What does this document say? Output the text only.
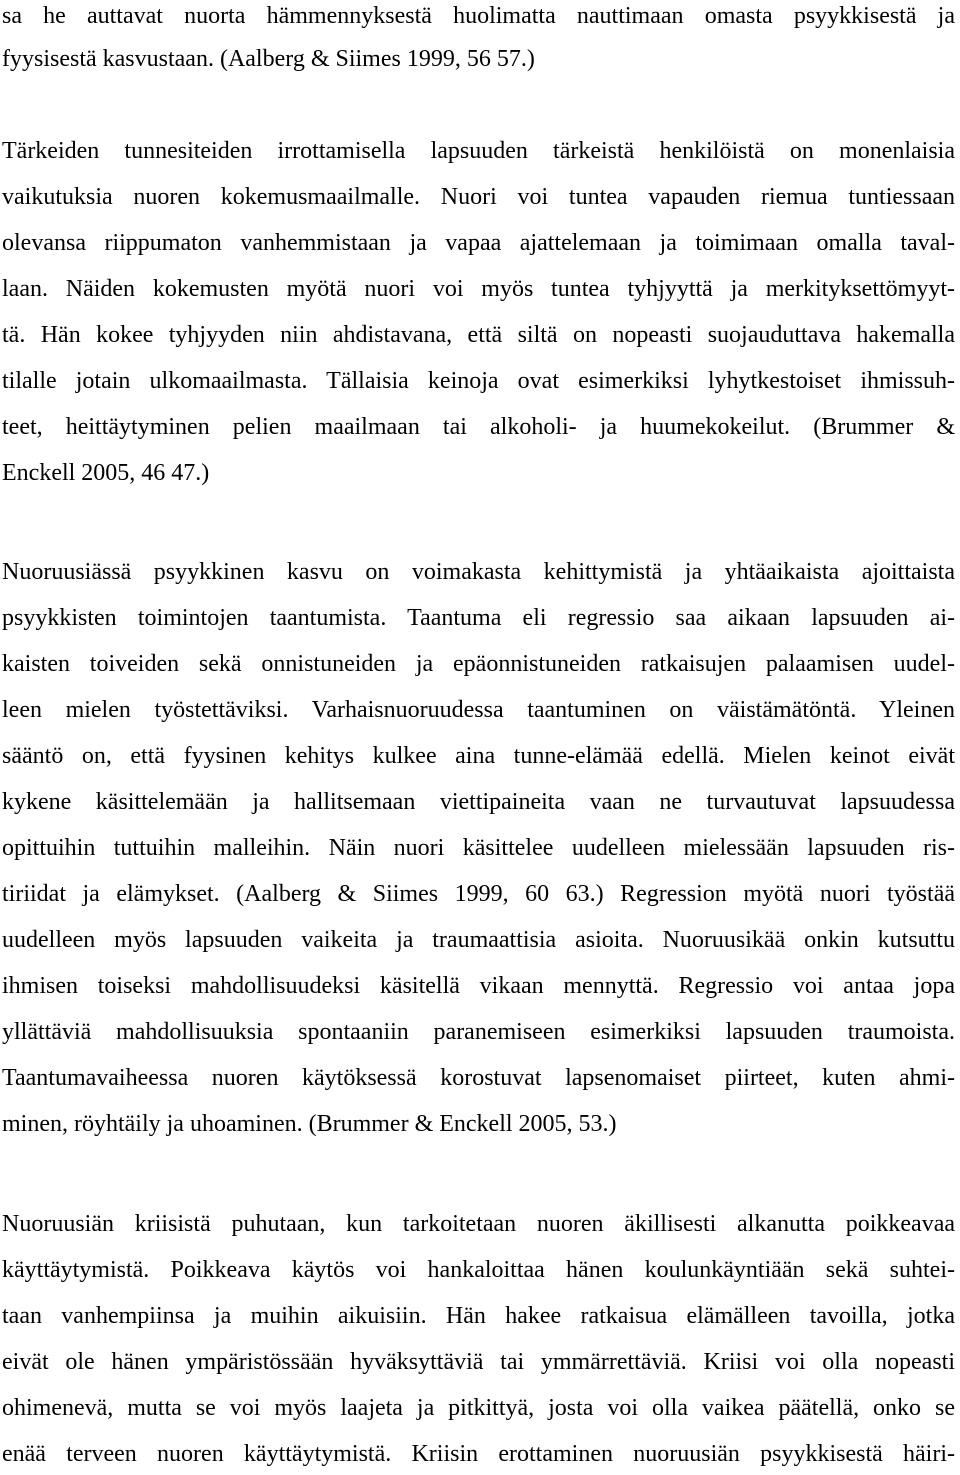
sa he auttavat nuorta hämmennyksestä huolimatta nauttimaan omasta psyykkisestä ja
fyysisestä kasvustaan. (Aalberg & Siimes 1999, 56 57.)
Tärkeiden tunnesiteiden irrottamisella lapsuuden tärkeistä henkilöistä on monenlaisia
vaikutuksia nuoren kokemusmaailmalle. Nuori voi tuntea vapauden riemua tuntiessaan
olevansa riippumaton vanhemmistaan ja vapaa ajattelemaan ja toimimaan omalla taval-
laan. Näiden kokemusten myötä nuori voi myös tuntea tyhjyyttä ja merkityksettömyyt-
tä. Hän kokee tyhjyyden niin ahdistavana, että siltä on nopeasti suojauduttava hakemalla
tilalle jotain ulkomaailmasta. Tällaisia keinoja ovat esimerkiksi lyhytkestoiset ihmissuh-
teet, heittäytyminen pelien maailmaan tai alkoholi- ja huumekokeilut. (Brummer &
Enckell 2005, 46 47.)
Nuoruusiässä psyykkinen kasvu on voimakasta kehittymistä ja yhtäaikaista ajoittaista
psyykkisten toimintojen taantumista. Taantuma eli regressio saa aikaan lapsuuden ai-
kaisten toiveiden sekä onnistuneiden ja epäonnistuneiden ratkaisujen palaamisen uudel-
leen mielen työstettäviksi. Varhaisnuoruudessa taantuminen on väistämätöntä. Yleinen
sääntö on, että fyysinen kehitys kulkee aina tunne-elämää edellä. Mielen keinot eivät
kykene käsittelemään ja hallitsemaan viettipaineita vaan ne turvautuvat lapsuudessa
opittuihin tuttuihin malleihin. Näin nuori käsittelee uudelleen mielessään lapsuuden ris-
tiriidat ja elämykset. (Aalberg & Siimes 1999, 60 63.) Regression myötä nuori työstää
uudelleen myös lapsuuden vaikeita ja traumaattisia asioita. Nuoruusikää onkin kutsuttu
ihmisen toiseksi mahdollisuudeksi käsitellä vikaan mennyttä. Regressio voi antaa jopa
yllättäviä mahdollisuuksia spontaaniin paranemiseen esimerkiksi lapsuuden traumoista.
Taantumavaiheessa nuoren käytöksessä korostuvat lapsenomaiset piirteet, kuten ahmi-
minen, röyhtäily ja uhoaminen. (Brummer & Enckell 2005, 53.)
Nuoruusiän kriisistä puhutaan, kun tarkoitetaan nuoren äkillisesti alkanutta poikkeavaa
käyttäytymistä. Poikkeava käytös voi hankaloittaa hänen koulunkäyntiään sekä suhtei-
taan vanhempiinsa ja muihin aikuisiin. Hän hakee ratkaisua elämälleen tavoilla, jotka
eivät ole hänen ympäristössään hyväksyttäviä tai ymmärrettäviä. Kriisi voi olla nopeasti
ohimenevä, mutta se voi myös laajeta ja pitkittyä, josta voi olla vaikea päätellä, onko se
enää terveen nuoren käyttäytymistä. Kriisin erottaminen nuoruusiän psyykkisestä häiri-
